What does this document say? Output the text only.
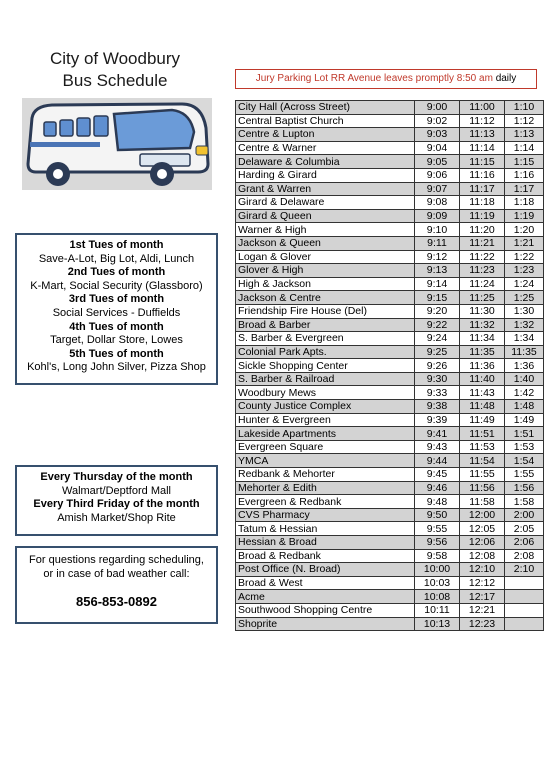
City of Woodbury
Bus Schedule	Jury Parking Lot RR Avenue leaves promptly 8:50 am daily
City Hall (Across Street)	9:00	11:00	1:10
Central Baptist Church	9:02	11:12	1:12
Centre & Lupton	9:03	11:13	1:13
Centre & Warner	9:04	11:14	1:14
Delaware & Columbia	9:05	11:15	1:15
Harding & Girard	9:06	11:16	1:16
Grant & Warren	9:07	11:17	1:17
Girard & Delaware	9:08	11:18	1:18
Girard & Queen	9:09	11:19	1:19
Warner & High	9:10	11:20	1:20
Jackson & Queen	9:11	11:21	1:21
Logan & Glover	9:12	11:22	1:22
Glover & High	9:13	11:23	1:23
High & Jackson	9:14	11:24	1:24
Jackson & Centre	9:15	11:25	1:25
Friendship Fire House (Del)	9:20	11:30	1:30
Broad & Barber	9:22	11:32	1:32
S. Barber & Evergreen	9:24	11:34	1:34
Colonial Park Apts.	9:25	11:35	11:35
Sickle Shopping Center	9:26	11:36	1:36
S. Barber & Railroad	9:30	11:40	1:40
Woodbury Mews	9:33	11:43	1:42
County Justice Complex	9:38	11:48	1:48
Hunter & Evergreen	9:39	11:49	1:49
Lakeside Apartments	9:41	11:51	1:51
Evergreen Square	9:43	11:53	1:53
YMCA	9:44	11:54	1:54
Redbank & Mehorter	9:45	11:55	1:55
Mehorter & Edith	9:46	11:56	1:56
Evergreen & Redbank	9:48	11:58	1:58
CVS Pharmacy	9:50	12:00	2:00
Tatum & Hessian	9:55	12:05	2:05
Hessian & Broad	9:56	12:06	2:06
Broad & Redbank	9:58	12:08	2:08
Post Office (N. Broad)	10:00	12:10	2:10
Broad & West	10:03	12:12	
Acme	10:08	12:17	
Southwood Shopping Centre	10:11	12:21	
Shoprite	10:13	12:23	
1st Tues of month
Save-A-Lot, Big Lot, Aldi, Lunch
2nd Tues of month
K-Mart, Social Security (Glassboro)
3rd Tues of month
Social Services - Duffields
4th Tues of month
Target, Dollar Store, Lowes
5th Tues of month
Kohl's, Long John Silver, Pizza Shop
Every Thursday of the month
Walmart/Deptford Mall
Every Third Friday of the month
Amish Market/Shop Rite
For questions regarding scheduling,
or in case of bad weather call:
856-853-0892
